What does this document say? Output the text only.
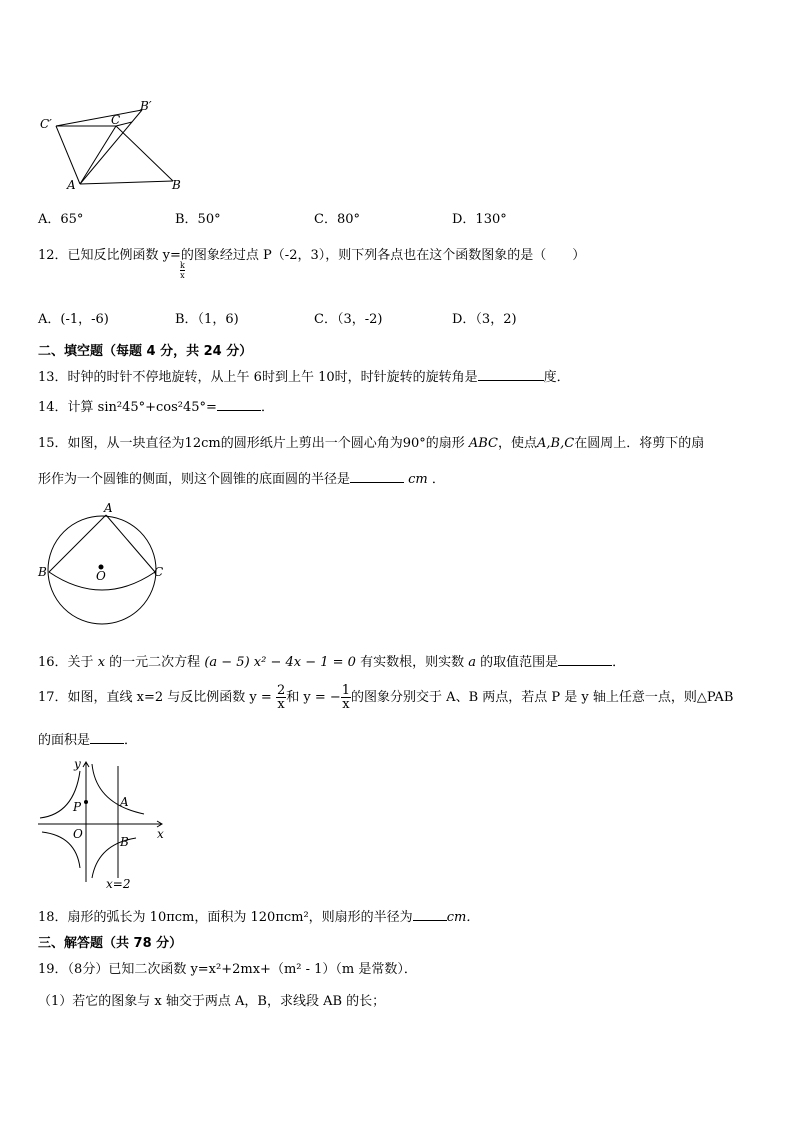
C′	C
B′
A	B
A．65°	B．50°	C．80°	D．130°
12．已知反比例函数 y=的图象经过点 P（-2，3），则下列各点也在这个函数图象的是（　　）
$\frac{k}{x}$
A．(-1，-6)	B．（1，6)	C．（3，-2)	D．（3，2)
二、填空题（每题 4 分，共 24 分）
13．时钟的时针不停地旋转，从上午 6时到上午 10时，时针旋转的旋转角是	度．
14．计算 sin²45°+cos²45°=	．
15．如图，从一块直径为12cm的圆形纸片上剪出一个圆心角为90°的扇形 ABC，使点A,B,C在圆周上．将剪下的扇
形作为一个圆锥的侧面，则这个圆锥的底面圆的半径是	cm ．
A
B	C
O
16．关于 x 的一元二次方程 (a − 5) x² − 4x − 1 = 0 有实数根，则实数 a 的取值范围是	．
17．如图，直线 x=2 与反比例函数 $y = \frac{2}{x}$ 和 y = − $\frac{1}{x}$ 的图象分别交于 A、B 两点，若点 P 是 y 轴上任意一点，则△PAB
的面积是	．
y
x
O
P	A
B
x=2
18．扇形的弧长为 10πcm，面积为 120πcm²，则扇形的半径为	cm．
三、解答题（共 78 分）
19．（8分）已知二次函数 y=x²+2mx+（m² - 1）（m 是常数）．
（1）若它的图象与 x 轴交于两点 A，B，求线段 AB 的长；
